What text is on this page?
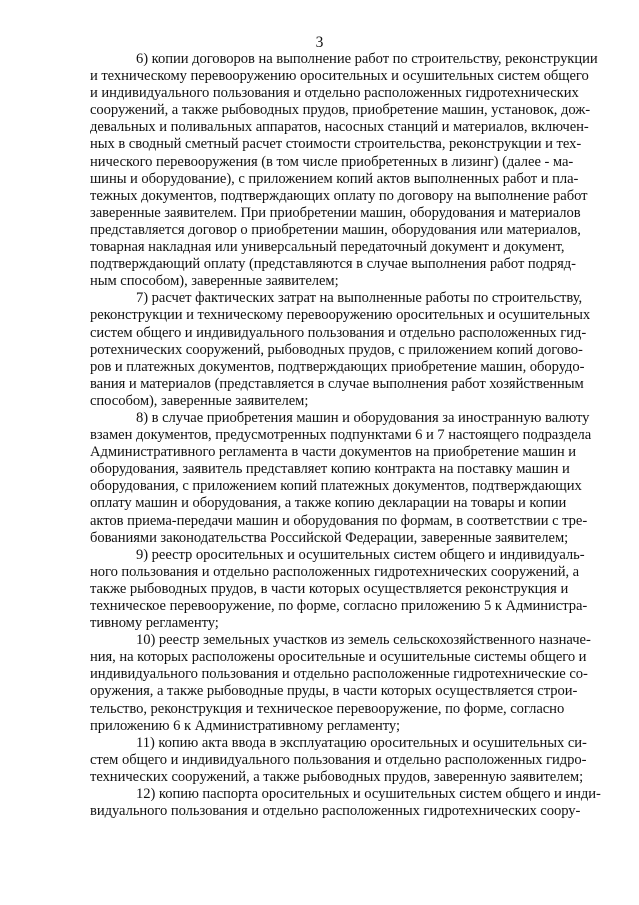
3

6) копии договоров на выполнение работ по строительству, реконструкции
и техническому перевооружению оросительных и осушительных систем общего
и индивидуального пользования и отдельно расположенных гидротехнических
сооружений, а также рыбоводных прудов, приобретение машин, установок, дож-
девальных и поливальных аппаратов, насосных станций и материалов, включен-
ных в сводный сметный расчет стоимости строительства, реконструкции и тех-
нического перевооружения (в том числе приобретенных в лизинг) (далее - ма-
шины и оборудование), с приложением копий актов выполненных работ и пла-
тежных документов, подтверждающих оплату по договору на выполнение работ
заверенные заявителем. При приобретении машин, оборудования и материалов
представляется договор о приобретении машин, оборудования или материалов,
товарная накладная или универсальный передаточный документ и документ,
подтверждающий оплату (представляются в случае выполнения работ подряд-
ным способом), заверенные заявителем;

7) расчет фактических затрат на выполненные работы по строительству,
реконструкции и техническому перевооружению оросительных и осушительных
систем общего и индивидуального пользования и отдельно расположенных гид-
ротехнических сооружений, рыбоводных прудов, с приложением копий догово-
ров и платежных документов, подтверждающих приобретение машин, оборудо-
вания и материалов (представляется в случае выполнения работ хозяйственным
способом), заверенные заявителем;

8) в случае приобретения машин и оборудования за иностранную валюту
взамен документов, предусмотренных подпунктами 6 и 7 настоящего подраздела
Административного регламента в части документов на приобретение машин и
оборудования, заявитель представляет копию контракта на поставку машин и
оборудования, с приложением копий платежных документов, подтверждающих
оплату машин и оборудования, а также копию декларации на товары и копии
актов приема-передачи машин и оборудования по формам, в соответствии с тре-
бованиями законодательства Российской Федерации, заверенные заявителем;

9) реестр оросительных и осушительных систем общего и индивидуаль-
ного пользования и отдельно расположенных гидротехнических сооружений, а
также рыбоводных прудов, в части которых осуществляется реконструкция и
техническое перевооружение, по форме, согласно приложению 5 к Администра-
тивному регламенту;

10) реестр земельных участков из земель сельскохозяйственного назначе-
ния, на которых расположены оросительные и осушительные системы общего и
индивидуального пользования и отдельно расположенные гидротехнические со-
оружения, а также рыбоводные пруды, в части которых осуществляется строи-
тельство, реконструкция и техническое перевооружение, по форме, согласно
приложению 6 к Административному регламенту;

11) копию акта ввода в эксплуатацию оросительных и осушительных си-
стем общего и индивидуального пользования и отдельно расположенных гидро-
технических сооружений, а также рыбоводных прудов, заверенную заявителем;

12) копию паспорта оросительных и осушительных систем общего и инди-
видуального пользования и отдельно расположенных гидротехнических соору-
